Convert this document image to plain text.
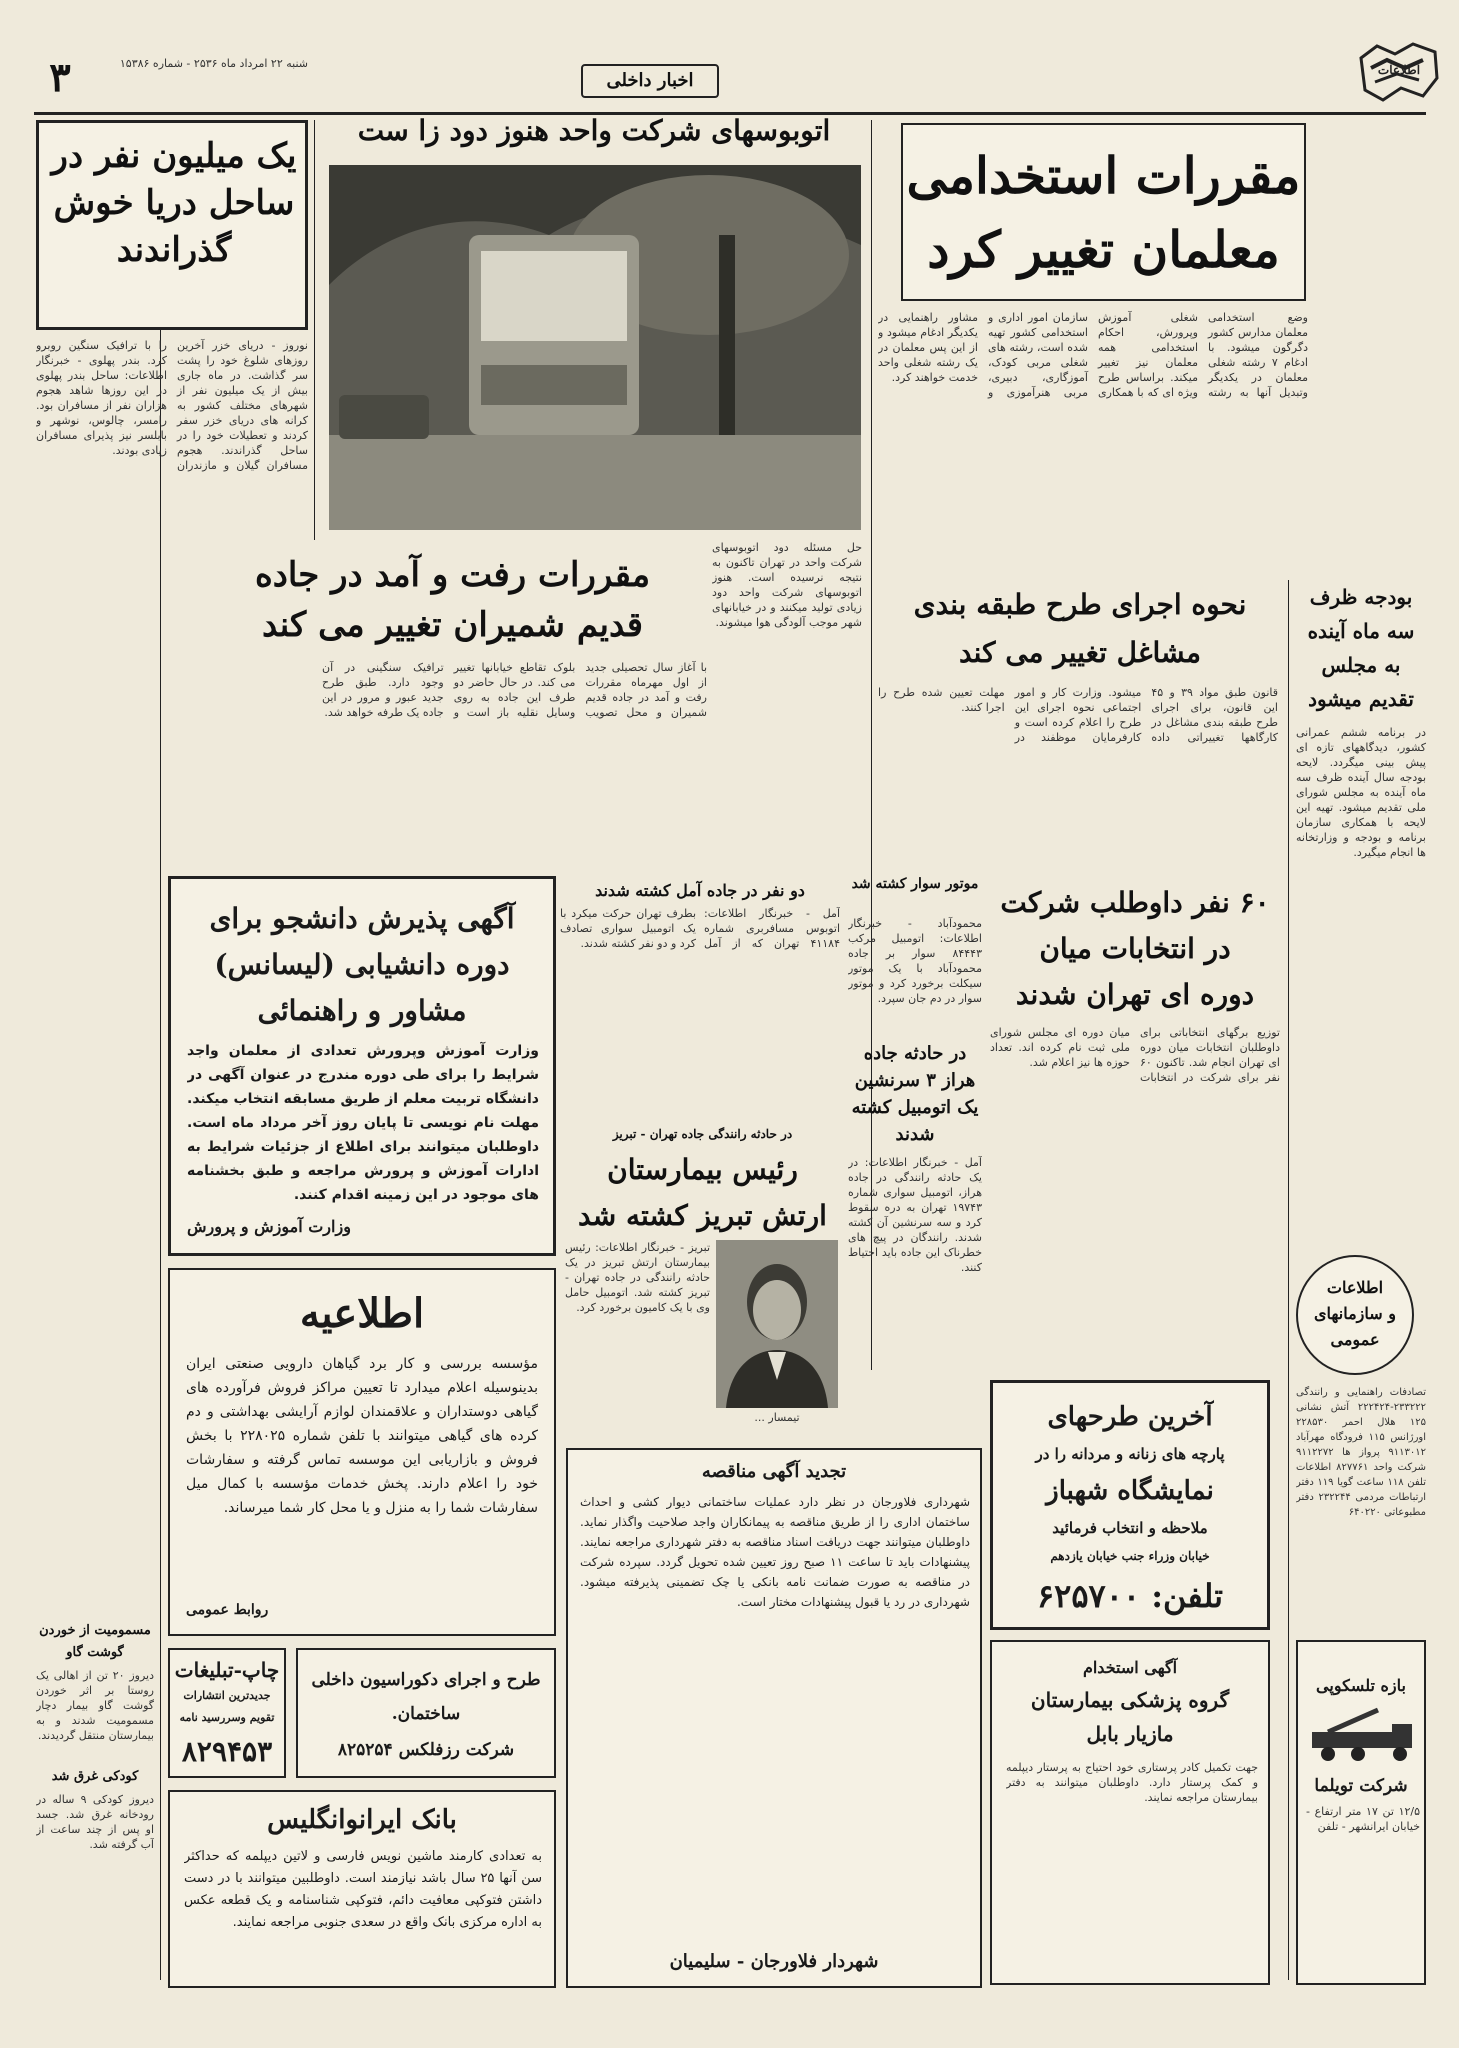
اطلاعات
اخبار داخلی
شنبه ۲۲ امرداد ماه ۲۵۳۶ - شماره ۱۵۳۸۶
۳
مقررات استخدامی
معلمان تغییر کرد
وضع استخدامی معلمان مدارس کشور دگرگون میشود. با ادغام ۷ رشته شغلی معلمان در یکدیگر وتبدیل آنها به رشته شغلی آموزش وپرورش، احکام استخدامی همه معلمان نیز تغییر میکند. براساس طرح ویژه ای که با همکاری سازمان امور اداری و استخدامی کشور تهیه شده است، رشته های شغلی مربی کودک، آموزگاری، دبیری، مربی هنرآموزی و مشاور راهنمایی در یکدیگر ادغام میشود و از این پس معلمان در یک رشته شغلی واحد خدمت خواهند کرد.
اتوبوسهای شرکت واحد هنوز دود زا ست
حل مسئله دود اتوبوسهای شرکت واحد در تهران تاکنون به نتیجه نرسیده است. هنوز اتوبوسهای شرکت واحد دود زیادی تولید میکنند و در خیابانهای شهر موجب آلودگی هوا میشوند.
یک میلیون نفر در ساحل دریا خوش گذراندند
نوروز - دریای خزر آخرین روزهای شلوغ خود را پشت سر گذاشت. در ماه جاری بیش از یک میلیون نفر از شهرهای مختلف کشور به کرانه های دریای خزر سفر کردند و تعطیلات خود را در ساحل گذراندند. هجوم مسافران گیلان و مازندران را با ترافیک سنگین روبرو کرد. بندر پهلوی - خبرنگار اطلاعات: ساحل بندر پهلوی در این روزها شاهد هجوم هزاران نفر از مسافران بود. رامسر، چالوس، نوشهر و بابلسر نیز پذیرای مسافران زیادی بودند.
مقررات رفت و آمد در جاده
قدیم شمیران تغییر می کند
با آغاز سال تحصیلی جدید از اول مهرماه مقررات رفت و آمد در جاده قدیم شمیران و محل تصویب بلوک تقاطع خیابانها تغییر می کند. در حال حاضر دو طرف این جاده به روی وسایل نقلیه باز است و ترافیک سنگینی در آن وجود دارد. طبق طرح جدید عبور و مرور در این جاده یک طرفه خواهد شد.
نحوه اجرای طرح طبقه بندی
مشاغل تغییر می کند
قانون طبق مواد ۳۹ و ۴۵ این قانون، برای اجرای طرح طبقه بندی مشاغل در کارگاهها تغییراتی داده میشود. وزارت کار و امور اجتماعی نحوه اجرای این طرح را اعلام کرده است و کارفرمایان موظفند در مهلت تعیین شده طرح را اجرا کنند.
بودجه ظرف سه ماه آینده به مجلس تقدیم میشود
در برنامه ششم عمرانی کشور، دیدگاههای تازه ای پیش بینی میگردد. لایحه بودجه سال آینده ظرف سه ماه آینده به مجلس شورای ملی تقدیم میشود. تهیه این لایحه با همکاری سازمان برنامه و بودجه و وزارتخانه ها انجام میگیرد.
اطلاعات
و سازمانهای
عمومی
تصادفات راهنمایی و رانندگی ۲۳۳۲۲۲-۲۲۲۴۲۴ آتش نشانی ۱۲۵ هلال احمر ۲۲۸۵۳۰ اورژانس ۱۱۵ فرودگاه مهرآباد ۹۱۱۳۰۱۲ پرواز ها ۹۱۱۲۲۷۲ شرکت واحد ۸۲۷۷۶۱ اطلاعات تلفن ۱۱۸ ساعت گویا ۱۱۹ دفتر ارتباطات مردمی ۲۳۲۲۴۴ دفتر مطبوعاتی ۶۴۰۲۲۰
۶۰ نفر داوطلب شرکت
در انتخابات میان
دوره ای تهران شدند
توزیع برگهای انتخاباتی برای داوطلبان انتخابات میان دوره ای تهران انجام شد. تاکنون ۶۰ نفر برای شرکت در انتخابات میان دوره ای مجلس شورای ملی ثبت نام کرده اند. تعداد حوزه ها نیز اعلام شد.
دو نفر در جاده آمل کشته شدند
آمل - خبرنگار اطلاعات: اتوبوس مسافربری شماره ۴۱۱۸۴ تهران که از آمل بطرف تهران حرکت میکرد با یک اتومبیل سواری تصادف کرد و دو نفر کشته شدند.
موتور سوار کشته شد
محمودآباد - خبرنگار اطلاعات: اتومبیل مرکب ۸۴۴۴۳ سوار بر جاده محمودآباد با یک موتور سیکلت برخورد کرد و موتور سوار در دم جان سپرد.
در حادثه جاده هراز ۳ سرنشین یک اتومبیل کشته شدند
آمل - خبرنگار اطلاعات: در یک حادثه رانندگی در جاده هراز، اتومبیل سواری شماره ۱۹۷۴۳ تهران به دره سقوط کرد و سه سرنشین آن کشته شدند. رانندگان در پیچ های خطرناک این جاده باید احتیاط کنند.
در حادثه رانندگی جاده تهران - تبریز
رئیس بیمارستان
ارتش تبریز کشته شد
تیمسار ...
تبریز - خبرنگار اطلاعات: رئیس بیمارستان ارتش تبریز در یک حادثه رانندگی در جاده تهران - تبریز کشته شد. اتومبیل حامل وی با یک کامیون برخورد کرد.
مسمومیت از خوردن گوشت گاو
دیروز ۲۰ تن از اهالی یک روستا بر اثر خوردن گوشت گاو بیمار دچار مسمومیت شدند و به بیمارستان منتقل گردیدند.
کودکی غرق شد
دیروز کودکی ۹ ساله در رودخانه غرق شد. جسد او پس از چند ساعت از آب گرفته شد.
آگهی پذیرش دانشجو برای
دوره دانشیابی (لیسانس)
مشاور و راهنمائی
وزارت آموزش وپرورش تعدادی از معلمان واجد شرایط را برای طی دوره مندرج در عنوان آگهی در دانشگاه تربیت معلم از طریق مسابقه انتخاب میکند. مهلت نام نویسی تا پایان روز آخر مرداد ماه است. داوطلبان میتوانند برای اطلاع از جزئیات شرایط به ادارات آموزش و پرورش مراجعه و طبق بخشنامه های موجود در این زمینه اقدام کنند.
وزارت آموزش و پرورش
اطلاعیه
مؤسسه بررسی و کار برد گیاهان دارویی صنعتی ایران بدینوسیله اعلام میدارد تا تعیین مراکز فروش فرآورده های گیاهی دوستداران و علاقمندان لوازم آرایشی بهداشتی و دم کرده های گیاهی میتوانند با تلفن شماره ۲۲۸۰۲۵ با بخش فروش و بازاریابی این موسسه تماس گرفته و سفارشات خود را اعلام دارند. پخش خدمات مؤسسه با کمال میل سفارشات شما را به منزل و یا محل کار شما میرساند.
روابط عمومی
تجدید آگهی مناقصه
شهرداری فلاورجان در نظر دارد عملیات ساختمانی دیوار کشی و احداث ساختمان اداری را از طریق مناقصه به پیمانکاران واجد صلاحیت واگذار نماید. داوطلبان میتوانند جهت دریافت اسناد مناقصه به دفتر شهرداری مراجعه نمایند. پیشنهادات باید تا ساعت ۱۱ صبح روز تعیین شده تحویل گردد. سپرده شرکت در مناقصه به صورت ضمانت نامه بانکی یا چک تضمینی پذیرفته میشود. شهرداری در رد یا قبول پیشنهادات مختار است.
شهردار فلاورجان - سلیمیان
چاپ-تبلیغات
جدیدترین انتشارات
تقویم وسررسید نامه
۸۲۹۴۵۳
طرح و اجرای دکوراسیون داخلی
ساختمان.
شرکت رزفلکس ۸۲۵۲۵۴
بانک ایرانوانگلیس
به تعدادی کارمند ماشین نویس فارسی و لاتین دیپلمه که حداکثر سن آنها ۲۵ سال باشد نیازمند است. داوطلبین میتوانند با در دست داشتن فتوکپی معافیت دائم، فتوکپی شناسنامه و یک قطعه عکس به اداره مرکزی بانک واقع در سعدی جنوبی مراجعه نمایند.
آخرین طرحهای
پارچه های زنانه و مردانه را در
نمایشگاه شهباز
ملاحظه و انتخاب فرمائید
خیابان وزراء جنب خیابان یازدهم
تلفن: ۶۲۵۷۰۰
آگهی استخدام
گروه پزشکی بیمارستان
مازیار بابل
جهت تکمیل کادر پرستاری خود احتیاج به پرستار دیپلمه و کمک پرستار دارد. داوطلبان میتوانند به دفتر بیمارستان مراجعه نمایند.
بازه تلسکوپی
شرکت تویلما
۱۲/۵ تن ۱۷ متر ارتفاع - خیابان ایرانشهر - تلفن
